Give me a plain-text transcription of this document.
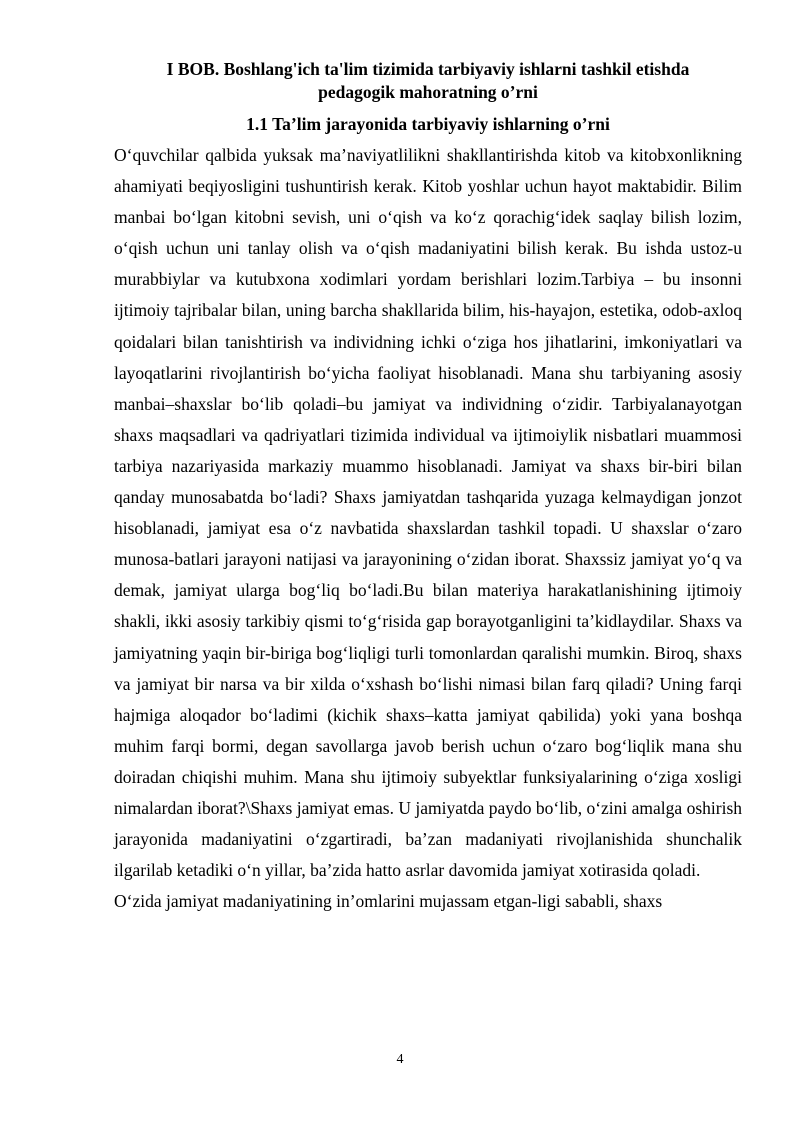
I BOB. Boshlang'ich ta'lim tizimida tarbiyaviy ishlarni tashkil etishda pedagogik mahoratning o’rni
1.1 Ta’lim jarayonida tarbiyaviy ishlarning o’rni

O‘quvchilar qalbida yuksak ma’naviyatlilikni shakllantirishda kitob va kitobxonlikning ahamiyati beqiyosligini tushuntirish kerak. Kitob yoshlar uchun hayot maktabidir. Bilim manbai bo‘lgan kitobni sevish, uni o‘qish va ko‘z qorachig‘idek saqlay bilish lozim, o‘qish uchun uni tanlay olish va o‘qish madaniyatini bilish kerak. Bu ishda ustoz-u murabbiylar va kutubxona xodimlari yordam berishlari lozim.Tarbiya – bu insonni ijtimoiy tajribalar bilan, uning barcha shakllarida bilim, his-hayajon, estetika, odob-axloq qoidalari bilan tanishtirish va individning ichki o‘ziga hos jihatlarini, imkoniyatlari va layoqatlarini rivojlantirish bo‘yicha faoliyat hisoblanadi. Mana shu tarbiyaning asosiy manbai–shaxslar bo‘lib qoladi–bu jamiyat va individning o‘zidir. Tarbiyalanayotgan shaxs maqsadlari va qadriyatlari tizimida individual va ijtimoiylik nisbatlari muammosi tarbiya nazariyasida markaziy muammo hisoblanadi. Jamiyat va shaxs bir-biri bilan qanday munosabatda bo‘ladi? Shaxs jamiyatdan tashqarida yuzaga kelmaydigan jonzot hisoblanadi, jamiyat esa o‘z navbatida shaxslardan tashkil topadi. U shaxslar o‘zaro munosa-batlari jarayoni natijasi va jarayonining o‘zidan iborat. Shaxssiz jamiyat yo‘q va demak, jamiyat ularga bog‘liq bo‘ladi.Bu bilan materiya harakatlanishining ijtimoiy shakli, ikki asosiy tarkibiy qismi to‘g‘risida gap borayotganligini ta’kidlaydilar. Shaxs va jamiyatning yaqin bir-biriga bog‘liqligi turli tomonlardan qaralishi mumkin. Biroq, shaxs va jamiyat bir narsa va bir xilda o‘xshash bo‘lishi nimasi bilan farq qiladi? Uning farqi hajmiga aloqador bo‘ladimi (kichik shaxs–katta jamiyat qabilida) yoki yana boshqa muhim farqi bormi, degan savollarga javob berish uchun o‘zaro bog‘liqlik mana shu doiradan chiqishi muhim. Mana shu ijtimoiy subyektlar funksiyalarining o‘ziga xosligi nimalardan iborat?\Shaxs jamiyat emas. U jamiyatda paydo bo‘lib, o‘zini amalga oshirish jarayonida madaniyatini o‘zgartiradi, ba’zan madaniyati rivojlanishida shunchalik ilgarilab ketadiki o‘n yillar, ba’zida hatto asrlar davomida jamiyat xotirasida qoladi.

O‘zida jamiyat madaniyatining in’omlarini mujassam etgan-ligi sababli, shaxs

4
